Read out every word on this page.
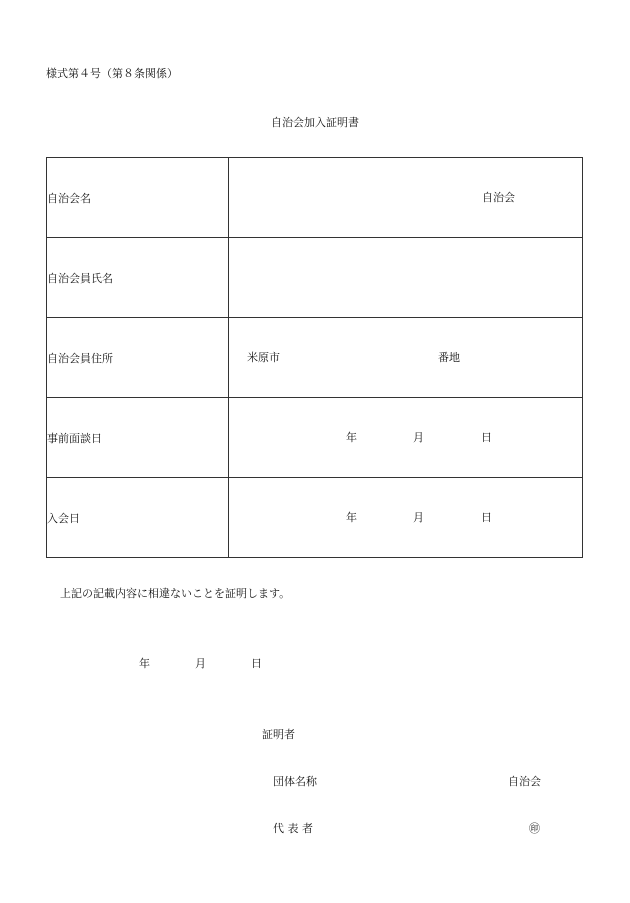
様式第４号（第８条関係）
自治会加入証明書
自治会名	自治会

自治会員氏名	
自治会員住所	米原市 番地

事前面談日	年 月 日

入会日	年 月 日
上記の記載内容に相違ないことを証明します。
年	月	日
証明者
団体名称	自治会
代 表 者	㊞
